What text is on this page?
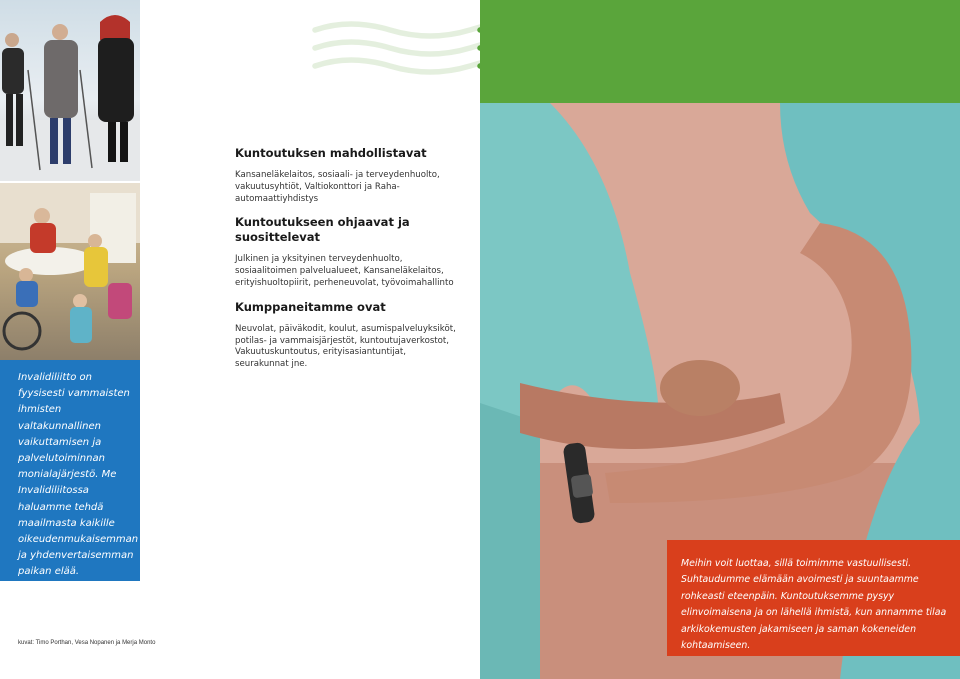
Invalidiliitto on fyysisesti vammaisten ihmisten valtakunnallinen vaikuttamisen ja palvelutoiminnan monialajärjestö. Me Invalidiliitossa haluamme tehdä maailmasta kaikille oikeudenmukaisemman ja yhdenvertaisemman paikan elää.

kuvat: Timo Porthan, Vesa Nopanen ja Merja Monto
Kuntoutuksen mahdollistavat

Kansaneläkelaitos, sosiaali- ja terveydenhuolto, vakuutusyhtiöt, Valtiokonttori ja Raha-automaattiyhdistys

Kuntoutukseen ohjaavat ja suosittelevat

Julkinen ja yksityinen terveydenhuolto, sosiaalitoimen palvelualueet, Kansaneläkelaitos, erityishuoltopiirit, perheneuvolat, työvoimahallinto

Kumppaneitamme ovat

Neuvolat, päiväkodit, koulut, asumispalveluyksiköt, potilas- ja vammaisjärjestöt, kuntoutujaverkostot, Vakuutuskuntoutus, erityisasiantuntijat, seurakunnat jne.

Meihin voit luottaa, sillä toimimme vastuullisesti. Suhtaudumme elämään avoimesti ja suuntaamme rohkeasti eteenpäin. Kuntoutuksemme pysyy elinvoimaisena ja on lähellä ihmistä, kun annamme tilaa arkikokemusten jakamiseen ja saman kokeneiden kohtaamiseen.
